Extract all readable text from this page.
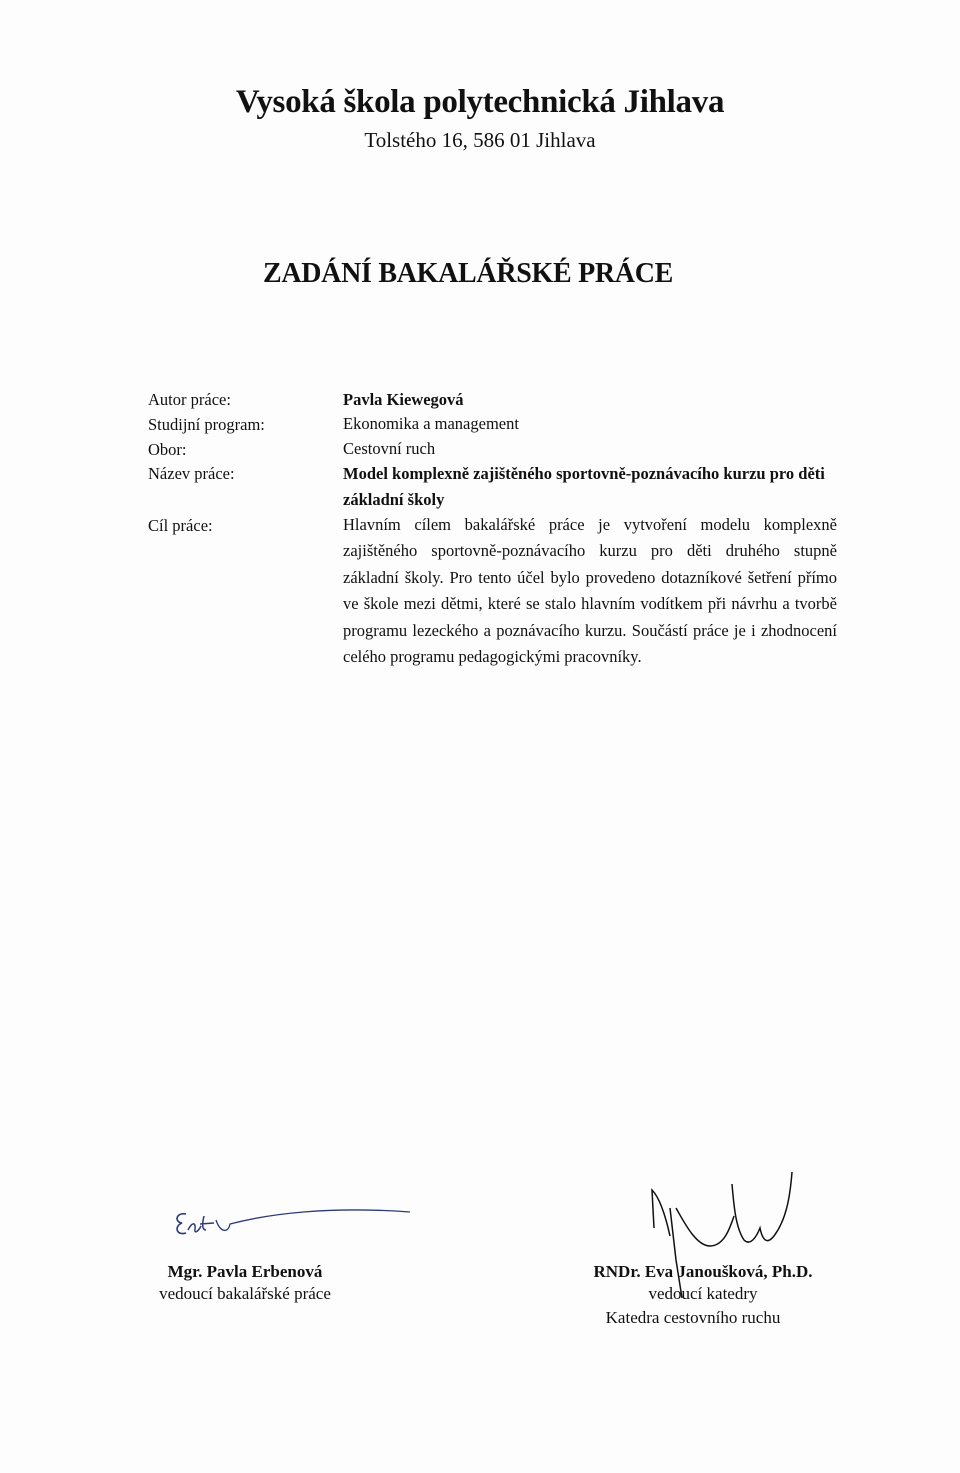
Vysoká škola polytechnická Jihlava
Tolstého 16, 586 01 Jihlava
ZADÁNÍ BAKALÁŘSKÉ PRÁCE
Autor práce:
Studijní program:
Obor:
Název práce:
Cíl práce:
Pavla Kiewegová
Ekonomika a management
Cestovní ruch
Model komplexně zajištěného sportovně-poznávacího kurzu pro děti základní školy
Hlavním cílem bakalářské práce je vytvoření modelu komplexně zajištěného sportovně-poznávacího kurzu pro děti druhého stupně základní školy. Pro tento účel bylo provedeno dotazníkové šetření přímo ve škole mezi dětmi, které se stalo hlavním vodítkem při návrhu a tvorbě programu lezeckého a poznávacího kurzu. Součástí práce je i zhodnocení celého programu pedagogickými pracovníky.
Mgr. Pavla Erbenová
vedoucí bakalářské práce
RNDr. Eva Janoušková, Ph.D.
vedoucí katedry
Katedra cestovního ruchu
